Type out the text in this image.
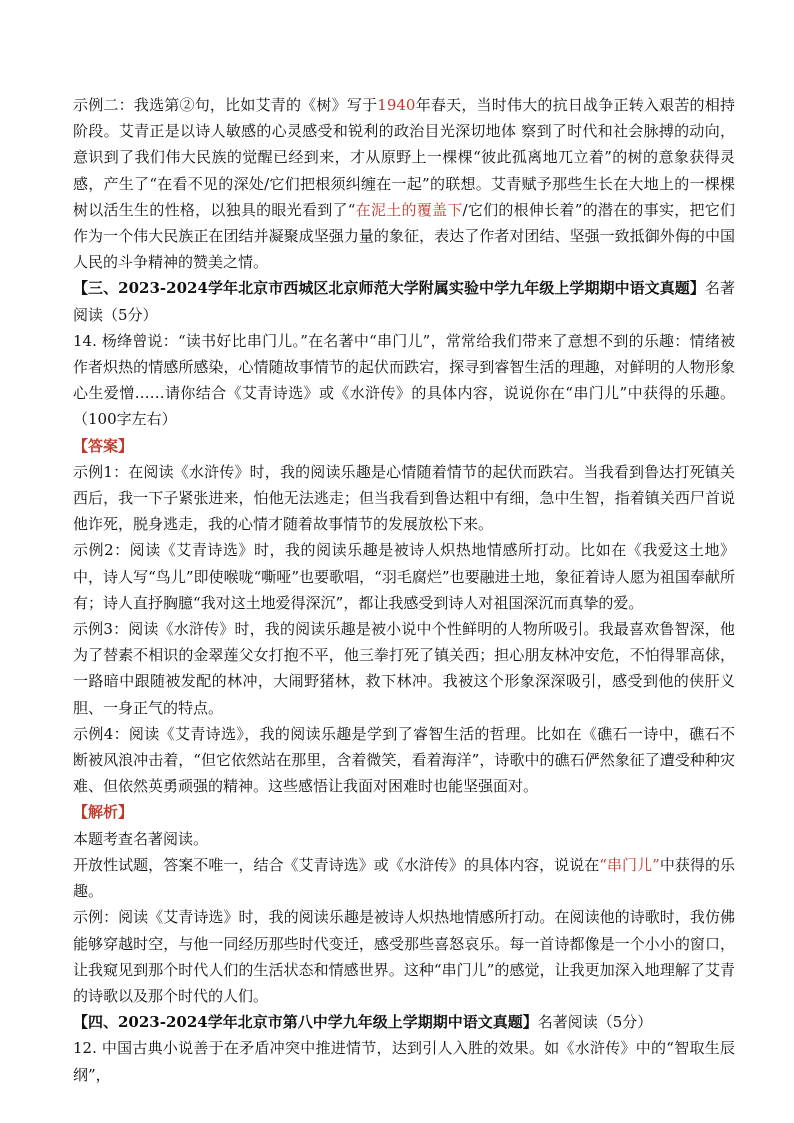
示例二：我选第②句，比如艾青的《树》写于1940年春天，当时伟大的抗日战争正转入艰苦的相持阶段。艾青正是以诗人敏感的心灵感受和锐利的政治目光深切地体 察到了时代和社会脉搏的动向，意识到了我们伟大民族的觉醒已经到来，才从原野上一棵棵“彼此孤离地兀立着”的树的意象获得灵感，产生了“在看不见的深处/它们把根须纠缠在一起”的联想。艾青赋予那些生长在大地上的一棵棵树以活生生的性格，以独具的眼光看到了“在泥土的覆盖下/它们的根伸长着”的潜在的事实，把它们作为一个伟大民族正在团结并凝聚成坚强力量的象征，表达了作者对团结、坚强一致抵御外侮的中国人民的斗争精神的赞美之情。

【三、2023-2024学年北京市西城区北京师范大学附属实验中学九年级上学期期中语文真题】名著阅读（5分）

14. 杨绛曾说：“读书好比串门儿。”在名著中“串门儿”，常常给我们带来了意想不到的乐趣：情绪被作者炽热的情感所感染，心情随故事情节的起伏而跌宕，探寻到睿智生活的理趣，对鲜明的人物形象心生爱憎……请你结合《艾青诗选》或《水浒传》的具体内容，说说你在“串门儿”中获得的乐趣。（100字左右）

【答案】

示例1：在阅读《水浒传》时，我的阅读乐趣是心情随着情节的起伏而跌宕。当我看到鲁达打死镇关西后，我一下子紧张进来，怕他无法逃走；但当我看到鲁达粗中有细，急中生智，指着镇关西尸首说他诈死，脱身逃走，我的心情才随着故事情节的发展放松下来。

示例2：阅读《艾青诗选》时，我的阅读乐趣是被诗人炽热地情感所打动。比如在《我爱这土地》中，诗人写“鸟儿”即使喉咙“嘶哑”也要歌唱，“羽毛腐烂”也要融进土地，象征着诗人愿为祖国奉献所有；诗人直抒胸臆“我对这土地爱得深沉”，都让我感受到诗人对祖国深沉而真挚的爱。

示例3：阅读《水浒传》时，我的阅读乐趣是被小说中个性鲜明的人物所吸引。我最喜欢鲁智深，他为了替素不相识的金翠莲父女打抱不平，他三拳打死了镇关西；担心朋友林冲安危，不怕得罪高俅，一路暗中跟随被发配的林冲，大闹野猪林，救下林冲。我被这个形象深深吸引，感受到他的侠肝义胆、一身正气的特点。

示例4：阅读《艾青诗选》，我的阅读乐趣是学到了睿智生活的哲理。比如在《礁石一诗中，礁石不断被风浪冲击着，“但它依然站在那里，含着微笑，看着海洋”，诗歌中的礁石俨然象征了遭受种种灾难、但依然英勇顽强的精神。这些感悟让我面对困难时也能坚强面对。

【解析】

本题考查名著阅读。

开放性试题，答案不唯一，结合《艾青诗选》或《水浒传》的具体内容，说说在“串门儿”中获得的乐趣。

示例：阅读《艾青诗选》时，我的阅读乐趣是被诗人炽热地情感所打动。在阅读他的诗歌时，我仿佛能够穿越时空，与他一同经历那些时代变迁，感受那些喜怒哀乐。每一首诗都像是一个小小的窗口，让我窥见到那个时代人们的生活状态和情感世界。这种“串门儿”的感觉，让我更加深入地理解了艾青的诗歌以及那个时代的人们。

【四、2023-2024学年北京市第八中学九年级上学期期中语文真题】名著阅读（5分）

12. 中国古典小说善于在矛盾冲突中推进情节，达到引人入胜的效果。如《水浒传》中的“智取生辰纲”，
